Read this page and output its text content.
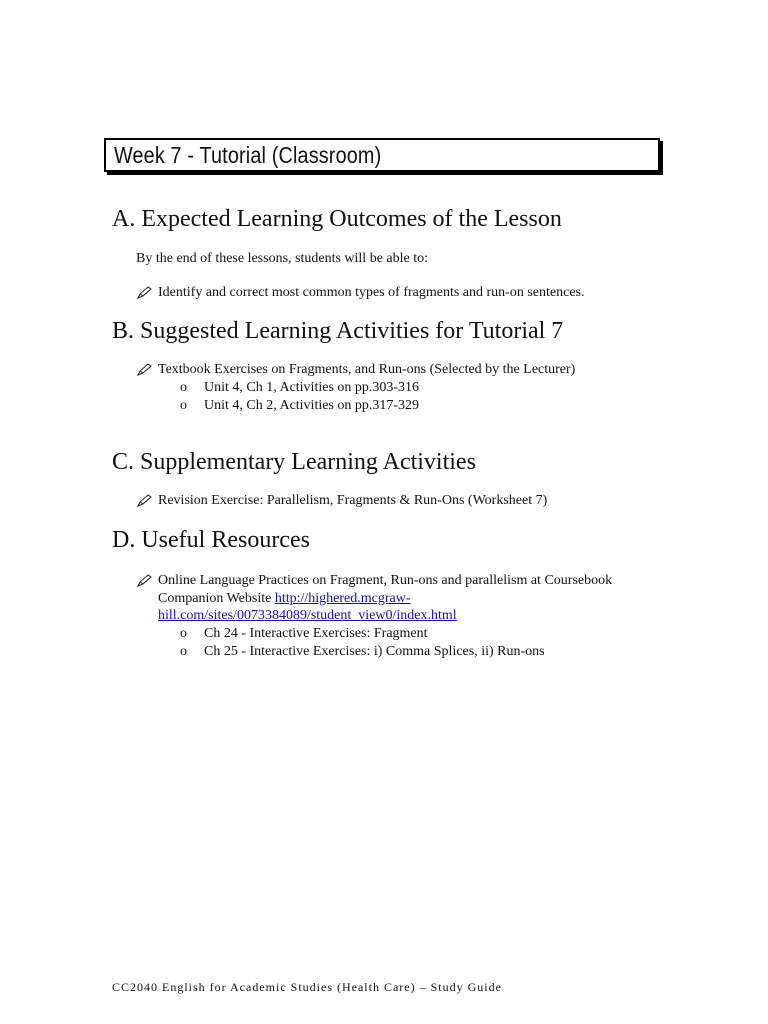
Week 7 - Tutorial (Classroom)
A. Expected Learning Outcomes of the Lesson
By the end of these lessons, students will be able to:
Identify and correct most common types of fragments and run-on sentences.
B. Suggested Learning Activities for Tutorial 7
Textbook Exercises on Fragments, and Run-ons (Selected by the Lecturer)
o Unit 4, Ch 1, Activities on pp.303-316
o Unit 4, Ch 2, Activities on pp.317-329
C. Supplementary Learning Activities
Revision Exercise: Parallelism, Fragments & Run-Ons (Worksheet 7)
D. Useful Resources
Online Language Practices on Fragment, Run-ons and parallelism at Coursebook
Companion Website http://highered.mcgraw-
hill.com/sites/0073384089/student_view0/index.html
o Ch 24 - Interactive Exercises: Fragment
o Ch 25 - Interactive Exercises: i) Comma Splices, ii) Run-ons
CC2040 English for Academic Studies (Health Care) – Study Guide
